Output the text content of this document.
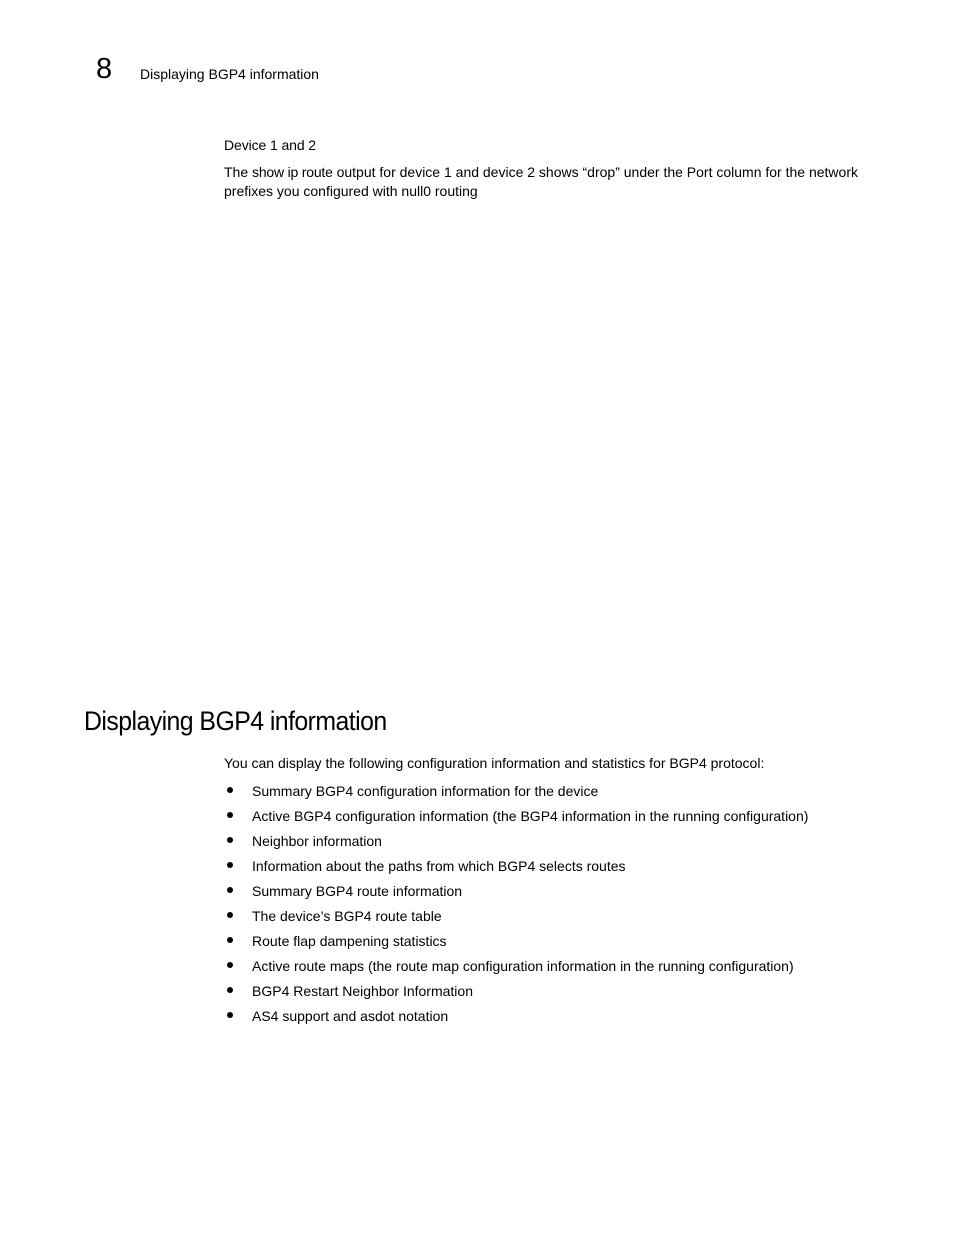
8 Displaying BGP4 information
Device 1 and 2
The show ip route output for device 1 and device 2 shows “drop” under the Port column for the network prefixes you configured with null0 routing
Displaying BGP4 information
You can display the following configuration information and statistics for BGP4 protocol:
Summary BGP4 configuration information for the device
Active BGP4 configuration information (the BGP4 information in the running configuration)
Neighbor information
Information about the paths from which BGP4 selects routes
Summary BGP4 route information
The device’s BGP4 route table
Route flap dampening statistics
Active route maps (the route map configuration information in the running configuration)
BGP4 Restart Neighbor Information
AS4 support and asdot notation
